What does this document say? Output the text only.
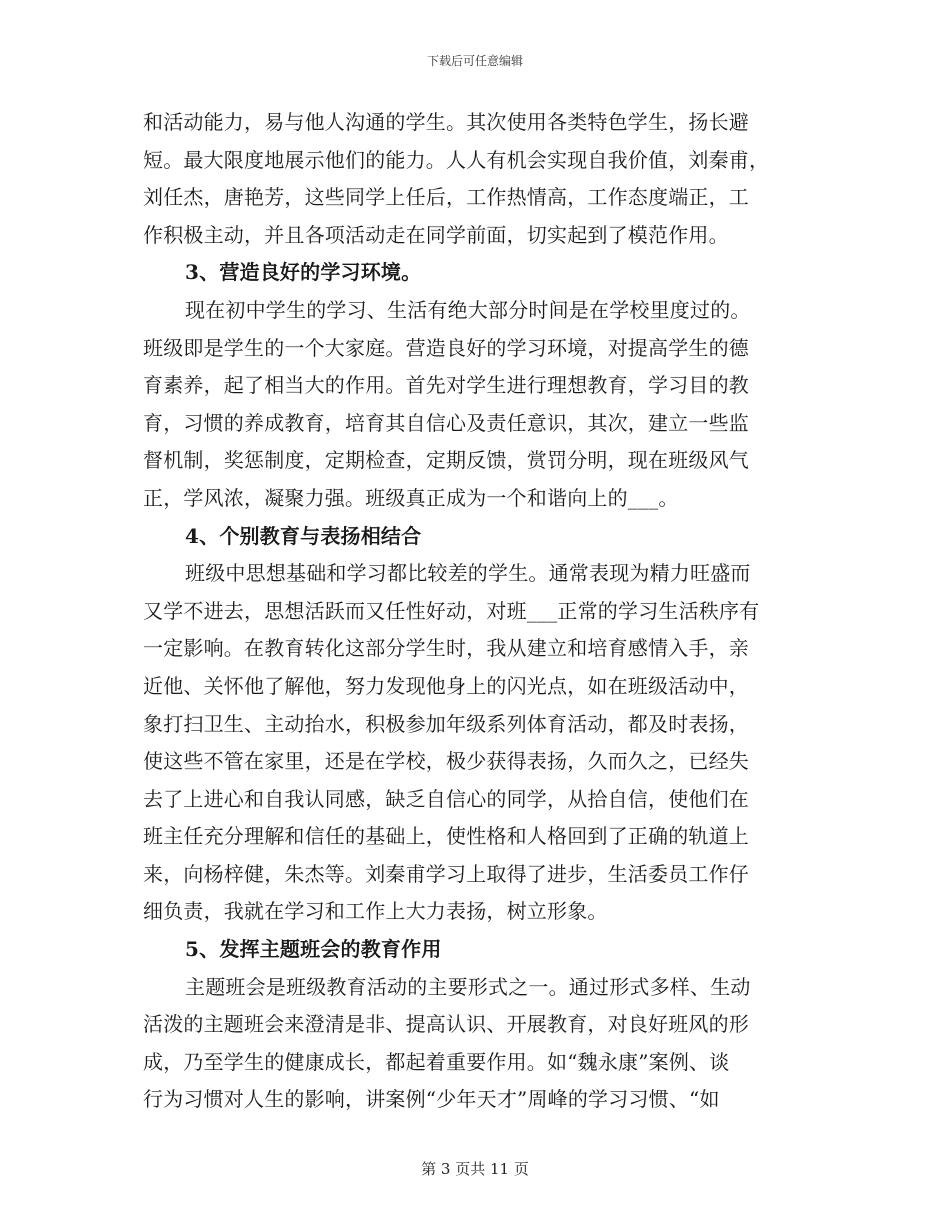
下载后可任意编辑
和活动能力，易与他人沟通的学生。其次使用各类特色学生，扬长避
短。最大限度地展示他们的能力。人人有机会实现自我价值，刘秦甫，
刘任杰，唐艳芳，这些同学上任后，工作热情高，工作态度端正，工
作积极主动，并且各项活动走在同学前面，切实起到了模范作用。
3、营造良好的学习环境。
现在初中学生的学习、生活有绝大部分时间是在学校里度过的。
班级即是学生的一个大家庭。营造良好的学习环境，对提高学生的德
育素养，起了相当大的作用。首先对学生进行理想教育，学习目的教
育，习惯的养成教育，培育其自信心及责任意识，其次，建立一些监
督机制，奖惩制度，定期检查，定期反馈，赏罚分明，现在班级风气
正，学风浓，凝聚力强。班级真正成为一个和谐向上的___。
4、个别教育与表扬相结合
班级中思想基础和学习都比较差的学生。通常表现为精力旺盛而
又学不进去，思想活跃而又任性好动，对班___正常的学习生活秩序有
一定影响。在教育转化这部分学生时，我从建立和培育感情入手，亲
近他、关怀他了解他，努力发现他身上的闪光点，如在班级活动中，
象打扫卫生、主动抬水，积极参加年级系列体育活动，都及时表扬，
使这些不管在家里，还是在学校，极少获得表扬，久而久之，已经失
去了上进心和自我认同感，缺乏自信心的同学，从拾自信，使他们在
班主任充分理解和信任的基础上，使性格和人格回到了正确的轨道上
来，向杨梓健，朱杰等。刘秦甫学习上取得了进步，生活委员工作仔
细负责，我就在学习和工作上大力表扬，树立形象。
5、发挥主题班会的教育作用
主题班会是班级教育活动的主要形式之一。通过形式多样、生动
活泼的主题班会来澄清是非、提高认识、开展教育，对良好班风的形
成，乃至学生的健康成长，都起着重要作用。如“魏永康”案例、谈
行为习惯对人生的影响，讲案例“少年天才”周峰的学习习惯、“如
第 3 页共 11 页
